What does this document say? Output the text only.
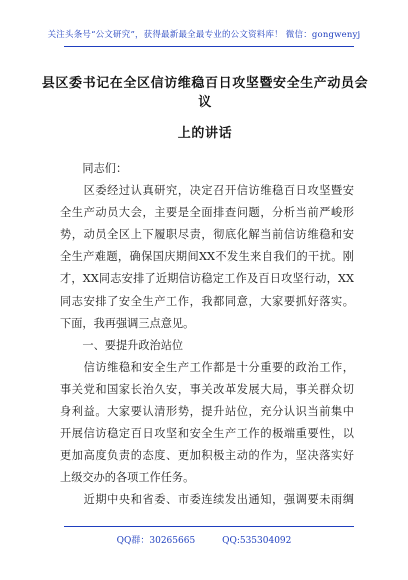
关注头条号“公文研究”，获得最新最全最专业的公文资料库！ 微信：gongwenyj
县区委书记在全区信访维稳百日攻坚暨安全生产动员会议
上的讲话
　　同志们：
　　区委经过认真研究，决定召开信访维稳百日攻坚暨安
全生产动员大会，主要是全面排查问题，分析当前严峻形
势，动员全区上下履职尽责，彻底化解当前信访维稳和安
全生产难题，确保国庆期间XX不发生来自我们的干扰。刚
才，XX同志安排了近期信访稳定工作及百日攻坚行动，XX
同志安排了安全生产工作，我都同意，大家要抓好落实。
下面，我再强调三点意见。
　　一、要提升政治站位
　　信访维稳和安全生产工作都是十分重要的政治工作，
事关党和国家长治久安，事关改革发展大局，事关群众切
身利益。大家要认清形势，提升站位，充分认识当前集中
开展信访稳定百日攻坚和安全生产工作的极端重要性，以
更加高度负责的态度、更加积极主动的作为，坚决落实好
上级交办的各项工作任务。
　　近期中央和省委、市委连续发出通知，强调要未雨绸
QQ群：30265665	QQ:535304092
